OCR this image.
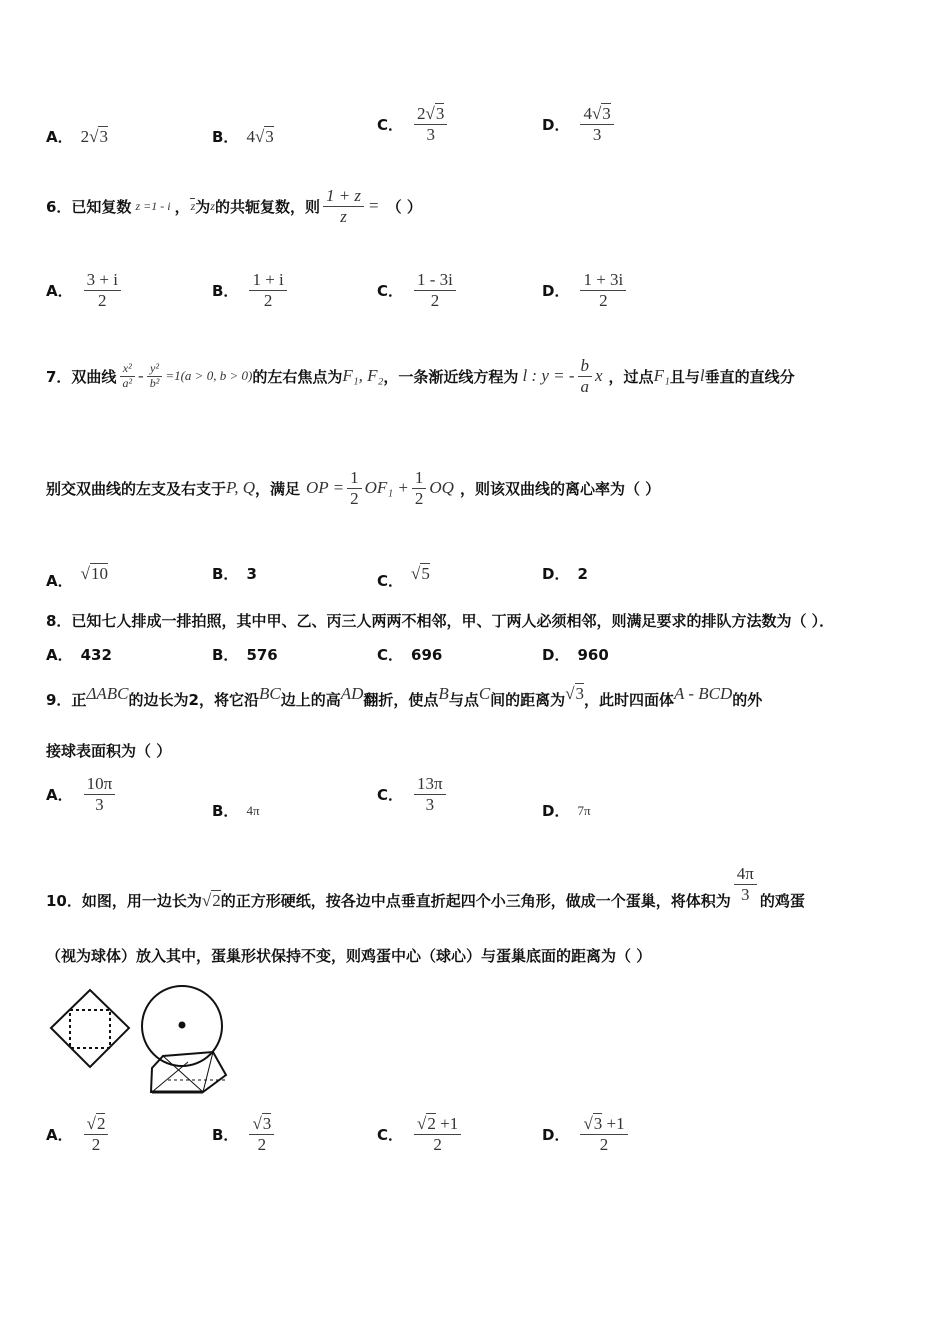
A． 2√3	B． 4√3
C． $\frac{2√3}{3}$	D． $\frac{4√3}{3}$
6．已知复数 z =1 - i ， z 为 z 的共轭复数，则 $\frac{1 + z}{z}$ = （ ）
A． $\frac{3 + i}{2}$	B． $\frac{1 + i}{2}$	C． $\frac{1 - 3i}{2}$	D． $\frac{1 + 3i}{2}$
7．双曲线 $\frac{\text{x²}}{\text{a²}} - \frac{\text{y²}}{\text{b²}} =1(a > 0$, b > 0) 的左右焦点为 F₁, F₂ ，一条渐近线方程为 l : y = - $\frac{b}{a}$ x ，过点 F₁ 且与 l 垂直的直线分
别交双曲线的左支及右支于 P, Q ，满足 OP = $\frac{1}{2} OF_1 + \frac{1}{2}$ OQ ，则该双曲线的离心率为（ ）
A． √10	B． 3	C． √5	D． 2
8．已知七人排成一排拍照，其中甲、乙、丙三人两两不相邻，甲、丁两人必须相邻，则满足要求的排队方法数为（ ）．
A． 432	B． 576	C． 696	D． 960
9．正 ΔABC 的边长为2，将它沿 BC 边上的高 AD 翻折，使点 B 与点 C 间的距离为 √3 ，此时四面体 A - BCD 的外
接球表面积为（ ）
A． $\frac{10\pi}{3}$	B． 4π
C． $\frac{13\pi}{3}$	D． 7π
10．如图，用一边长为 √2 的正方形硬纸，按各边中点垂直折起四个小三角形，做成一个蛋巢，将体积为 $\frac{4\pi}{3}$ 的鸡蛋
（视为球体）放入其中，蛋巢形状保持不变，则鸡蛋中心（球心）与蛋巢底面的距离为（ ）
A． $\frac{√2}{2}$	B． $\frac{√3}{2}$	C． $\frac{√2 +1}{2}$	D． $\frac{√3 +1}{2}$
